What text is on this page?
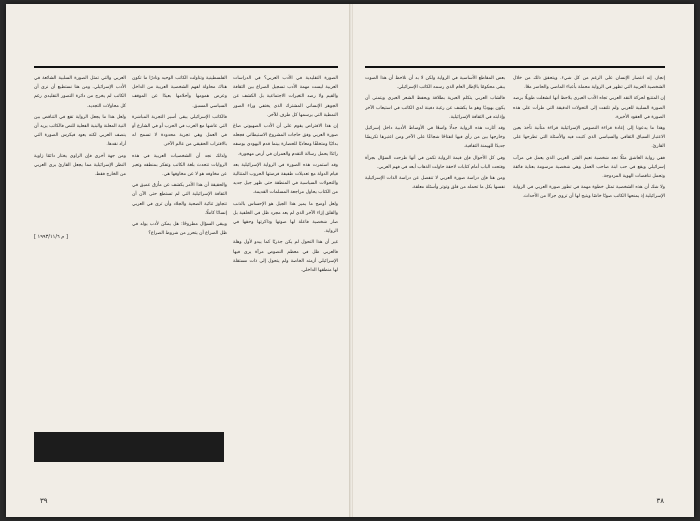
الصورة التقليدية في الأدب العربي؟ في الدراسات العربية ليست مهمة الأدب تسجيل الصراع بين الثقافة والقيم ولا رصد التغيرات الاجتماعية بل الكشف عن الجوهر الإنساني المشترك الذي يختفي وراء الصور النمطية التي يرسمها كل طرف للآخر.

إن هذا الافتراض يقوم على أن الأدب الصهيوني صاغ صورة العربي وفق حاجات المشروع الاستيطاني فجعله بدائيًا ومتخلفًا ومعاديًا للحضارة بينما قدم اليهودي بوصفه رائدًا يحمل رسالة التقدم والعمران في أرض مهجورة.

وقد استمرت هذه الصورة في الرواية الإسرائيلية بعد قيام الدولة مع تعديلات طفيفة فرضتها الحروب المتتالية والتحولات السياسية في المنطقة حتى ظهر جيل جديد من الكتاب يحاول مراجعة المسلمات القديمة.

ولعل أوضح ما يميز هذا الجيل هو الإحساس بالذنب والقلق إزاء الآخر الذي لم يعد مجرد ظل في الخلفية بل صار شخصية فاعلة لها صوتها وذاكرتها وحقها في الرواية.

غير أن هذا التحول لم يكن جذريًا كما يبدو لأول وهلة فالعربي ظل في معظم النصوص مرآة يرى فيها الإسرائيلي أزمته الخاصة ولم يتحول إلى ذات مستقلة لها منطقها الداخلي.

الفلسطينية وتناولت الكاتب الوحيد ونادرًا ما تكون هناك محاولة لفهم الشخصية العربية من الداخل وعرض همومها وأحلامها بعيدًا عن الموقف السياسي المسبق.

فالكاتب الإسرائيلي يبقى أسير التجربة المباشرة التي عاشها مع العرب في الحرب أو في الشارع أو في العمل وهي تجربة محدودة لا تسمح له بالاقتراب الحقيقي من عالم الآخر.

ولذلك نجد أن الشخصيات العربية في هذه الروايات تتحدث بلغة الكاتب وتفكر بمنطقه وتعبر عن مخاوفه هو لا عن مخاوفها هي.

والحقيقة أن هذا الأمر يكشف عن مأزق عميق في الثقافة الإسرائيلية التي لم تستطع حتى الآن أن تتجاوز ثنائية الضحية والجلاد وأن ترى في العربي إنسانًا كاملًا.

ويبقى السؤال مطروحًا: هل يمكن لأدب يولد في ظل الصراع أن يتحرر من شروط الصراع؟

العربي والتي تمثل الصورة السلبية الشائعة في الأدب الإسرائيلي. ومن هنا نستطيع أن نرى أن الكاتب لم يخرج من دائرة التصور التقليدي رغم كل محاولات التجديد.

ولعل هذا ما يجعل الرواية تقع في التناقض بين النية المعلنة والبنية الفعلية للنص فالكاتب يريد أن ينصف العربي لكنه يعود فيكرس الصورة التي أراد نقدها.

ومن جهة أخرى فإن الراوي يختار دائمًا زاوية النظر الإسرائيلية مما يجعل القارئ يرى العربي من الخارج فقط.

[ م ١٩٩٣/١١/٦ ]
٣٩

إنجاز، إنه انتصار الإنسان على الرغم من كل شيء. ويتحقق ذلك من خلال الشخصية العربية التي تظهر في الرواية محملة بأعباء الماضي والحاضر معًا.

إن المتتبع لحركة النقد العربي تجاه الأدب العبري يلاحظ أنها انشغلت طويلًا برصد الصورة السلبية للعربي ولم تلتفت إلى التحولات الدقيقة التي طرأت على هذه الصورة في العقود الأخيرة.

وهذا ما يدعونا إلى إعادة قراءة النصوص الإسرائيلية قراءة متأنية تأخذ بعين الاعتبار السياق الثقافي والسياسي الذي كتبت فيه والأسئلة التي تطرحها على القارئ.

ففي رواية العاشق مثلًا نجد شخصية نعيم الفتى العربي الذي يعمل في مرآب إسرائيلي ويقع في حب ابنة صاحب العمل وهي شخصية مرسومة بعناية فائقة وتحمل تناقضات الهوية المزدوجة.

ولا شك أن هذه الشخصية تمثل خطوة مهمة في تطور صورة العربي في الرواية الإسرائيلية إذ يمنحها الكاتب صوتًا خاصًا ويتيح لها أن تروي جزءًا من الأحداث.

بعض المقاطع الأساسية في الرواية ولكن لا بد أن نلاحظ أن هذا الصوت يبقى محكومًا بالإطار العام الذي رسمه الكاتب الإسرائيلي.

فالشاب العربي يتكلم العبرية بطلاقة ويحفظ الشعر العبري ويتمنى أن يكون يهوديًا وهو ما يكشف عن رغبة دفينة لدى الكاتب في استيعاب الآخر وإذابته في الثقافة الإسرائيلية.

وقد أثارت هذه الرواية جدلًا واسعًا في الأوساط الأدبية داخل إسرائيل وخارجها بين من رأى فيها انفتاحًا شجاعًا على الآخر ومن اعتبرها تكريسًا جديدًا للهيمنة الثقافية.

وفي كل الأحوال فإن قيمة الرواية تكمن في أنها طرحت السؤال بجرأة وفتحت الباب أمام كتابات لاحقة حاولت الذهاب أبعد في فهم العربي.

ومن هنا فإن دراسة صورة العربي لا تنفصل عن دراسة الذات الإسرائيلية نفسها بكل ما تحمله من قلق وتوتر وأسئلة معلقة.

٣٨
